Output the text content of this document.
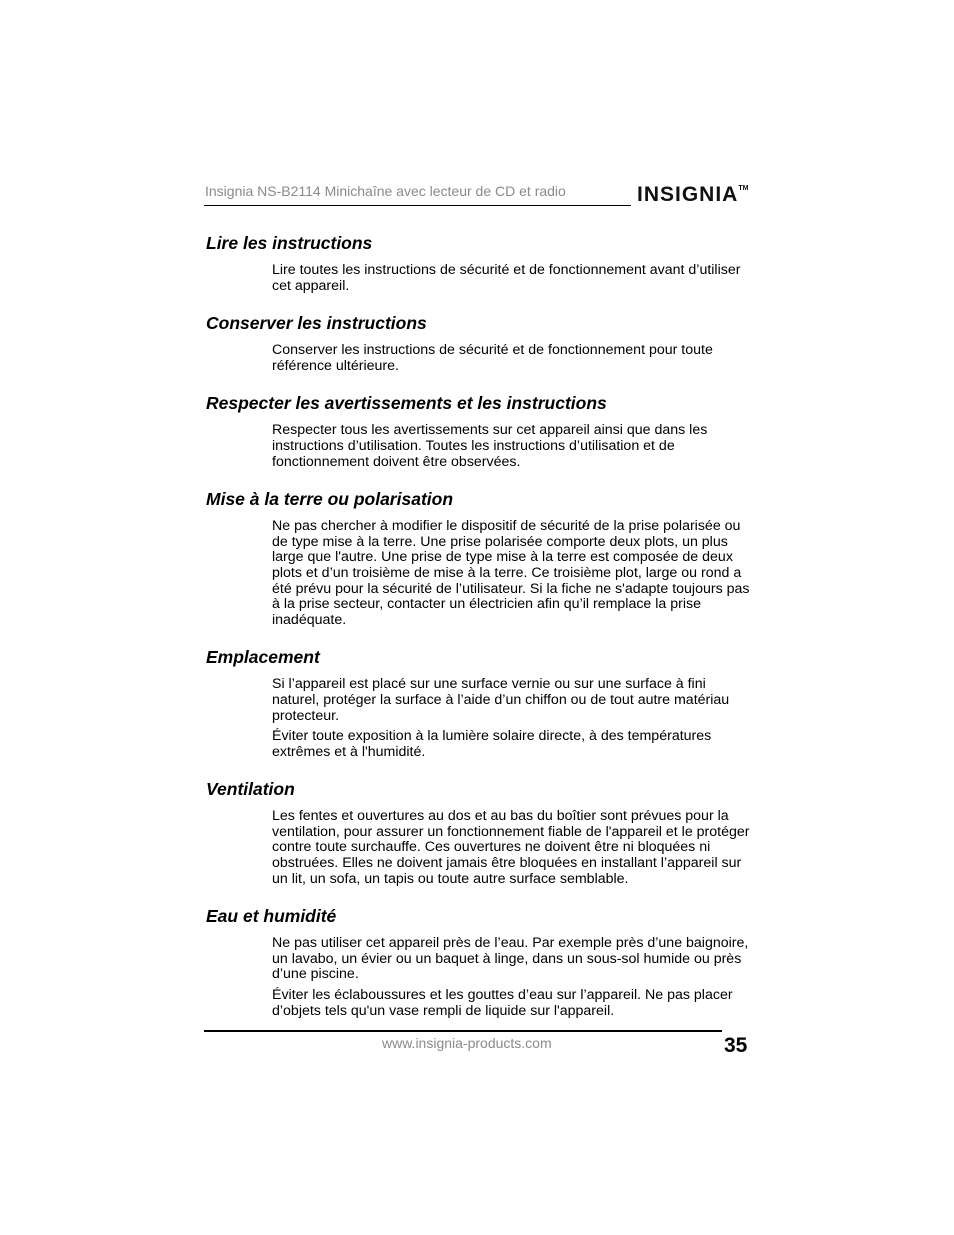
Insignia NS-B2114 Minichaîne avec lecteur de CD et radio	INSIGNIA™
Lire les instructions

Lire toutes les instructions de sécurité et de fonctionnement avant d’utiliser cet appareil.

Conserver les instructions

Conserver les instructions de sécurité et de fonctionnement pour toute référence ultérieure.

Respecter les avertissements et les instructions

Respecter tous les avertissements sur cet appareil ainsi que dans les instructions d’utilisation. Toutes les instructions d’utilisation et de fonctionnement doivent être observées.

Mise à la terre ou polarisation

Ne pas chercher à modifier le dispositif de sécurité de la prise polarisée ou de type mise à la terre. Une prise polarisée comporte deux plots, un plus large que l'autre. Une prise de type mise à la terre est composée de deux plots et d’un troisième de mise à la terre. Ce troisième plot, large ou rond a été prévu pour la sécurité de l’utilisateur. Si la fiche ne s'adapte toujours pas à la prise secteur, contacter un électricien afin qu’il remplace la prise inadéquate.

Emplacement

Si l’appareil est placé sur une surface vernie ou sur une surface à fini naturel, protéger la surface à l’aide d’un chiffon ou de tout autre matériau protecteur.

Éviter toute exposition à la lumière solaire directe, à des températures extrêmes et à l'humidité.

Ventilation

Les fentes et ouvertures au dos et au bas du boîtier sont prévues pour la ventilation, pour assurer un fonctionnement fiable de l'appareil et le protéger contre toute surchauffe. Ces ouvertures ne doivent être ni bloquées ni obstruées. Elles ne doivent jamais être bloquées en installant l’appareil sur un lit, un sofa, un tapis ou toute autre surface semblable.

Eau et humidité

Ne pas utiliser cet appareil près de l’eau. Par exemple près d’une baignoire, un lavabo, un évier ou un baquet à linge, dans un sous-sol humide ou près d’une piscine.

Éviter les éclaboussures et les gouttes d’eau sur l’appareil. Ne pas placer d’objets tels qu'un vase rempli de liquide sur l'appareil.

www.insignia-products.com	35
